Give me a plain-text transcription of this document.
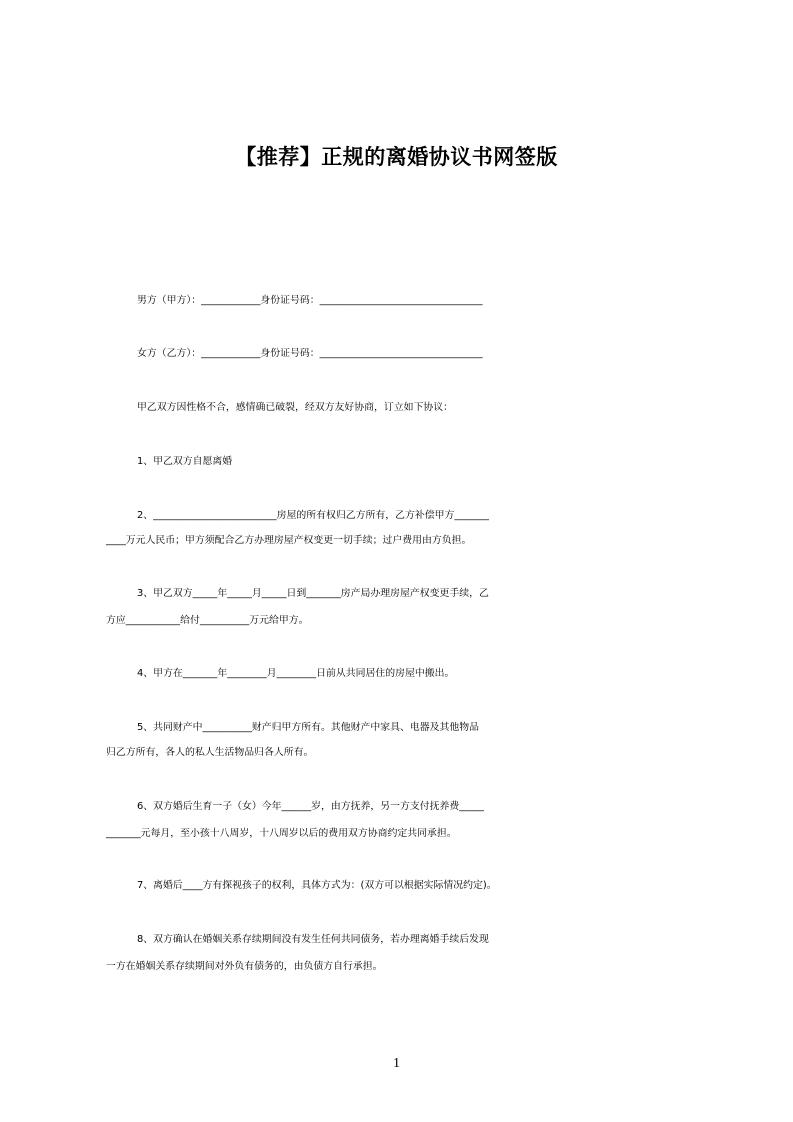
【推荐】正规的离婚协议书网签版
男方（甲方）：____________身份证号码：_________________________________
女方（乙方）：____________身份证号码：_________________________________
甲乙双方因性格不合，感情确已破裂，经双方友好协商，订立如下协议：
1、甲乙双方自愿离婚
2、_________________________房屋的所有权归乙方所有，乙方补偿甲方_______
____万元人民币；甲方须配合乙方办理房屋产权变更一切手续；过户费用由方负担。
3、甲乙双方_____年_____月_____日到_______房产局办理房屋产权变更手续，乙
方应___________给付__________万元给甲方。
4、甲方在_______年________月________日前从共同居住的房屋中搬出。
5、共同财产中__________财产归甲方所有。其他财产中家具、电器及其他物品
归乙方所有，各人的私人生活物品归各人所有。
6、双方婚后生育一子（女）今年______岁，由方抚养，另一方支付抚养费_____
_______元每月，至小孩十八周岁，十八周岁以后的费用双方协商约定共同承担。
7、离婚后____方有探视孩子的权利，具体方式为：(双方可以根据实际情况约定)。
8、双方确认在婚姻关系存续期间没有发生任何共同债务，若办理离婚手续后发现
一方在婚姻关系存续期间对外负有债务的，由负债方自行承担。
1
